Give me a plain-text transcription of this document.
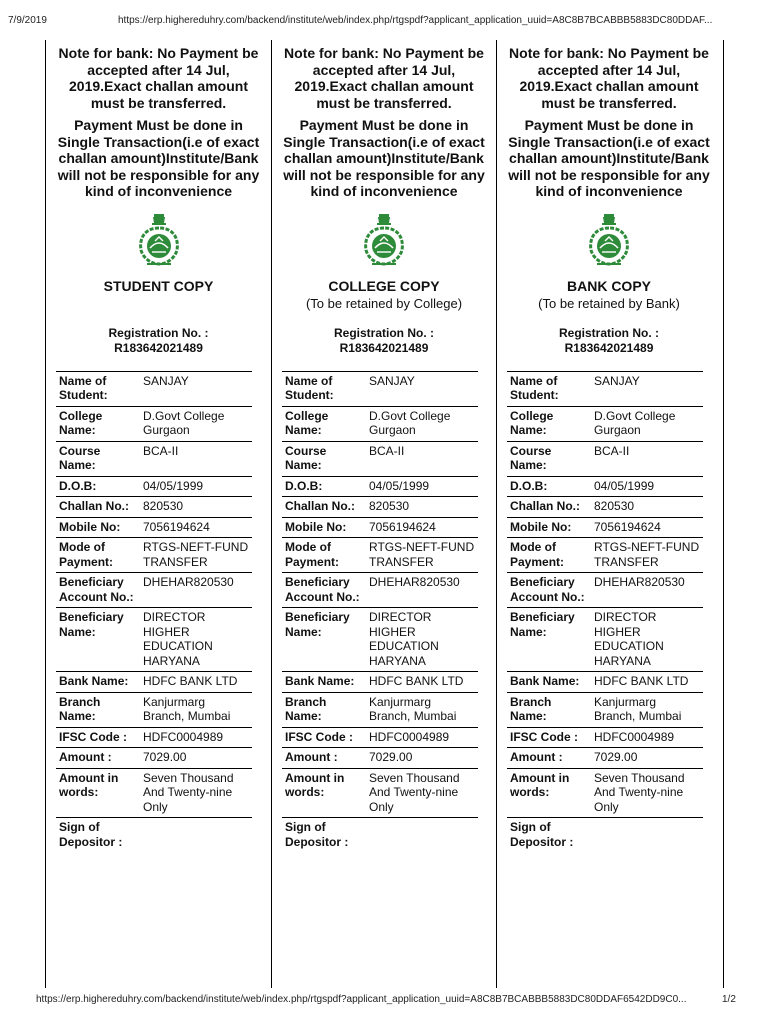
7/9/2019	https://erp.highereduhry.com/backend/institute/web/index.php/rtgspdf?applicant_application_uuid=A8C8B7BCABBB5883DC80DDAF...
Note for bank: No Payment be accepted after 14 Jul, 2019.Exact challan amount must be transferred.
Payment Must be done in Single Transaction(i.e of exact challan amount)Institute/Bank will not be responsible for any kind of inconvenience
STUDENT COPY
Registration No. :
R183642021489
Name of Student:	SANJAY
College Name:	D.Govt College Gurgaon
Course Name:	BCA-II
D.O.B:	04/05/1999
Challan No.:	820530
Mobile No:	7056194624
Mode of Payment:	RTGS-NEFT-FUND TRANSFER
Beneficiary Account No.:	DHEHAR820530
Beneficiary Name:	DIRECTOR HIGHER EDUCATION HARYANA
Bank Name:	HDFC BANK LTD
Branch Name:	Kanjurmarg Branch, Mumbai
IFSC Code :	HDFC0004989
Amount :	7029.00
Amount in words:	Seven Thousand And Twenty-nine Only
Sign of Depositor :	
Note for bank: No Payment be accepted after 14 Jul, 2019.Exact challan amount must be transferred.
Payment Must be done in Single Transaction(i.e of exact challan amount)Institute/Bank will not be responsible for any kind of inconvenience
COLLEGE COPY
(To be retained by College)
Registration No. :
R183642021489
Name of Student:	SANJAY
College Name:	D.Govt College Gurgaon
Course Name:	BCA-II
D.O.B:	04/05/1999
Challan No.:	820530
Mobile No:	7056194624
Mode of Payment:	RTGS-NEFT-FUND TRANSFER
Beneficiary Account No.:	DHEHAR820530
Beneficiary Name:	DIRECTOR HIGHER EDUCATION HARYANA
Bank Name:	HDFC BANK LTD
Branch Name:	Kanjurmarg Branch, Mumbai
IFSC Code :	HDFC0004989
Amount :	7029.00
Amount in words:	Seven Thousand And Twenty-nine Only
Sign of Depositor :	
Note for bank: No Payment be accepted after 14 Jul, 2019.Exact challan amount must be transferred.
Payment Must be done in Single Transaction(i.e of exact challan amount)Institute/Bank will not be responsible for any kind of inconvenience
BANK COPY
(To be retained by Bank)
Registration No. :
R183642021489
Name of Student:	SANJAY
College Name:	D.Govt College Gurgaon
Course Name:	BCA-II
D.O.B:	04/05/1999
Challan No.:	820530
Mobile No:	7056194624
Mode of Payment:	RTGS-NEFT-FUND TRANSFER
Beneficiary Account No.:	DHEHAR820530
Beneficiary Name:	DIRECTOR HIGHER EDUCATION HARYANA
Bank Name:	HDFC BANK LTD
Branch Name:	Kanjurmarg Branch, Mumbai
IFSC Code :	HDFC0004989
Amount :	7029.00
Amount in words:	Seven Thousand And Twenty-nine Only
Sign of Depositor :	
https://erp.highereduhry.com/backend/institute/web/index.php/rtgspdf?applicant_application_uuid=A8C8B7BCABBB5883DC80DDAF6542DD9C0...	1/2
